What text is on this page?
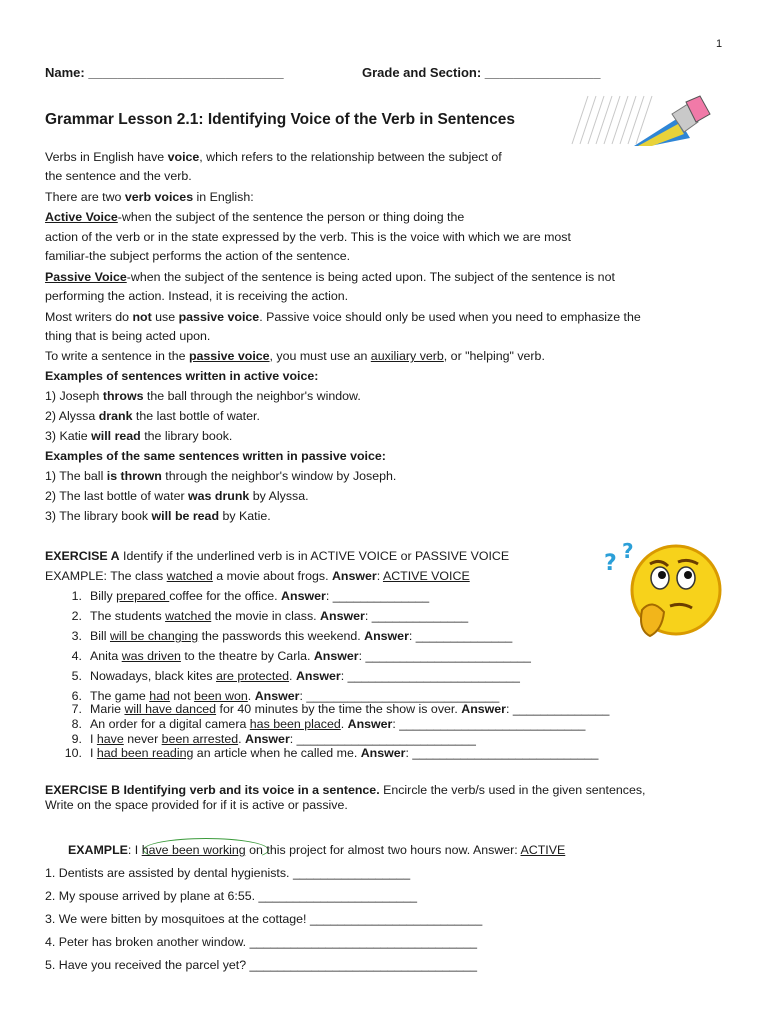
1
Name: ___________________________	Grade and Section: ________________
Grammar Lesson 2.1: Identifying Voice of the Verb in Sentences
Verbs in English have voice, which refers to the relationship between the subject of
the sentence and the verb.
There are two verb voices in English:
Active Voice-when the subject of the sentence the person or thing doing the
action of the verb or in the state expressed by the verb. This is the voice with which we are most
familiar-the subject performs the action of the sentence.
Passive Voice-when the subject of the sentence is being acted upon. The subject of the sentence is not
performing the action. Instead, it is receiving the action.
Most writers do not use passive voice. Passive voice should only be used when you need to emphasize the
thing that is being acted upon.
To write a sentence in the passive voice, you must use an auxiliary verb, or "helping" verb.
Examples of sentences written in active voice:
1) Joseph throws the ball through the neighbor's window.
2) Alyssa drank the last bottle of water.
3) Katie will read the library book.
Examples of the same sentences written in passive voice:
1) The ball is thrown through the neighbor's window by Joseph.
2) The last bottle of water was drunk by Alyssa.
3) The library book will be read by Katie.
EXERCISE A Identify if the underlined verb is in ACTIVE VOICE or PASSIVE VOICE
EXAMPLE: The class watched a movie about frogs. Answer: ACTIVE VOICE
1. Billy prepared coffee for the office. Answer: ______________
2. The students watched the movie in class. Answer: ______________
3. Bill will be changing the passwords this weekend. Answer: ______________
4. Anita was driven to the theatre by Carla. Answer: ________________________
5. Nowadays, black kites are protected. Answer: _________________________
6. The game had not been won. Answer: ____________________________
7. Marie will have danced for 40 minutes by the time the show is over. Answer: ______________
8. An order for a digital camera has been placed. Answer: ___________________________
9. I have never been arrested. Answer: __________________________
10. I had been reading an article when he called me. Answer: ___________________________
? ?
EXERCISE B Identifying verb and its voice in a sentence. Encircle the verb/s used in the given sentences,
Write on the space provided for if it is active or passive.
EXAMPLE: I have been working on this project for almost two hours now. Answer: ACTIVE
1. Dentists are assisted by dental hygienists. _________________
2. My spouse arrived by plane at 6:55. _______________________
3. We were bitten by mosquitoes at the cottage! _________________________
4. Peter has broken another window. _________________________________
5. Have you received the parcel yet? _________________________________
